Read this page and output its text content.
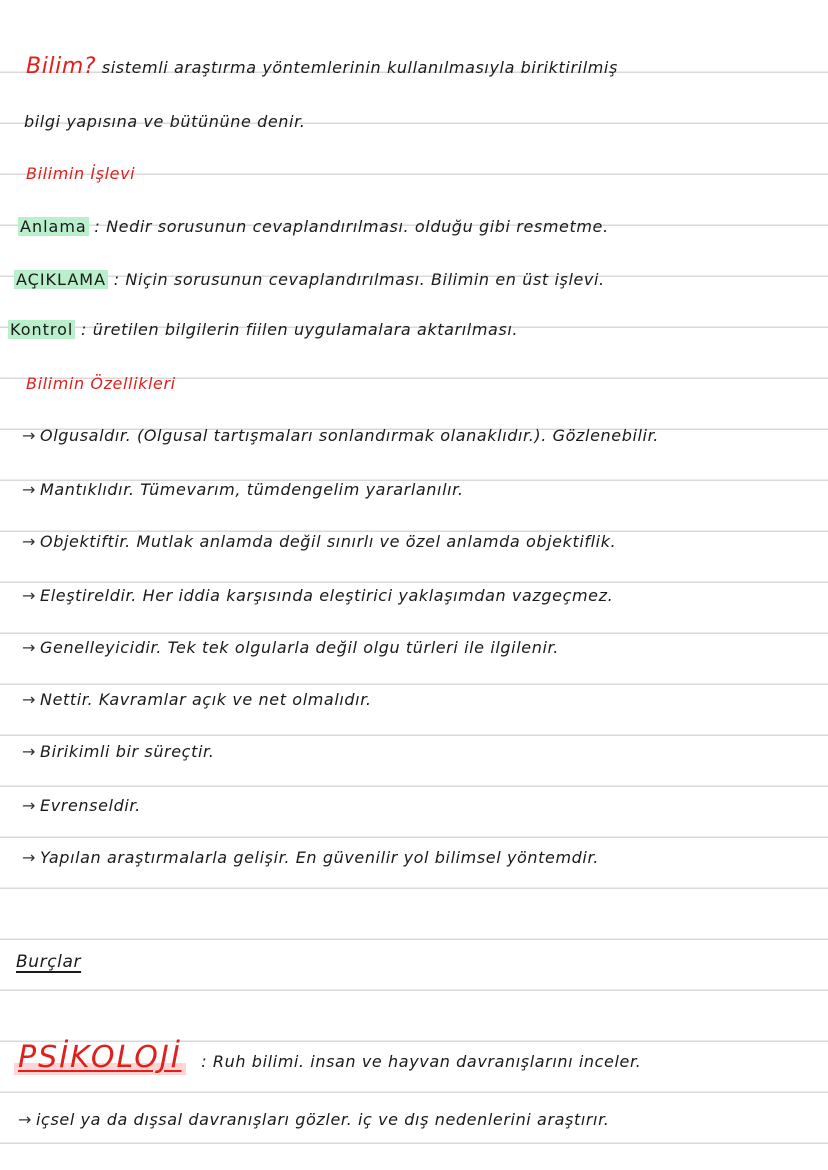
Bilim? sistemli araştırma yöntemlerinin kullanılmasıyla biriktirilmiş
bilgi yapısına ve bütününe denir.
Bilimin İşlevi
Anlama : Nedir sorusunun cevaplandırılması. olduğu gibi resmetme.
AÇIKLAMA : Niçin sorusunun cevaplandırılması. Bilimin en üst işlevi.
Kontrol : üretilen bilgilerin fiilen uygulamalara aktarılması.
Bilimin Özellikleri
→ Olgusaldır. (Olgusal tartışmaları sonlandırmak olanaklıdır.). Gözlenebilir.
→ Mantıklıdır. Tümevarım, tümdengelim yararlanılır.
→ Objektiftir. Mutlak anlamda değil sınırlı ve özel anlamda objektiflik.
→ Eleştireldir. Her iddia karşısında eleştirici yaklaşımdan vazgeçmez.
→ Genelleyicidir. Tek tek olgularla değil olgu türleri ile ilgilenir.
→ Nettir. Kavramlar açık ve net olmalıdır.
→ Birikimli bir süreçtir.
→ Evrenseldir.
→ Yapılan araştırmalarla gelişir. En güvenilir yol bilimsel yöntemdir.
Burçlar
PSİKOLOJİ : Ruh bilimi. insan ve hayvan davranışlarını inceler.
→ içsel ya da dışsal davranışları gözler. iç ve dış nedenlerini araştırır.
